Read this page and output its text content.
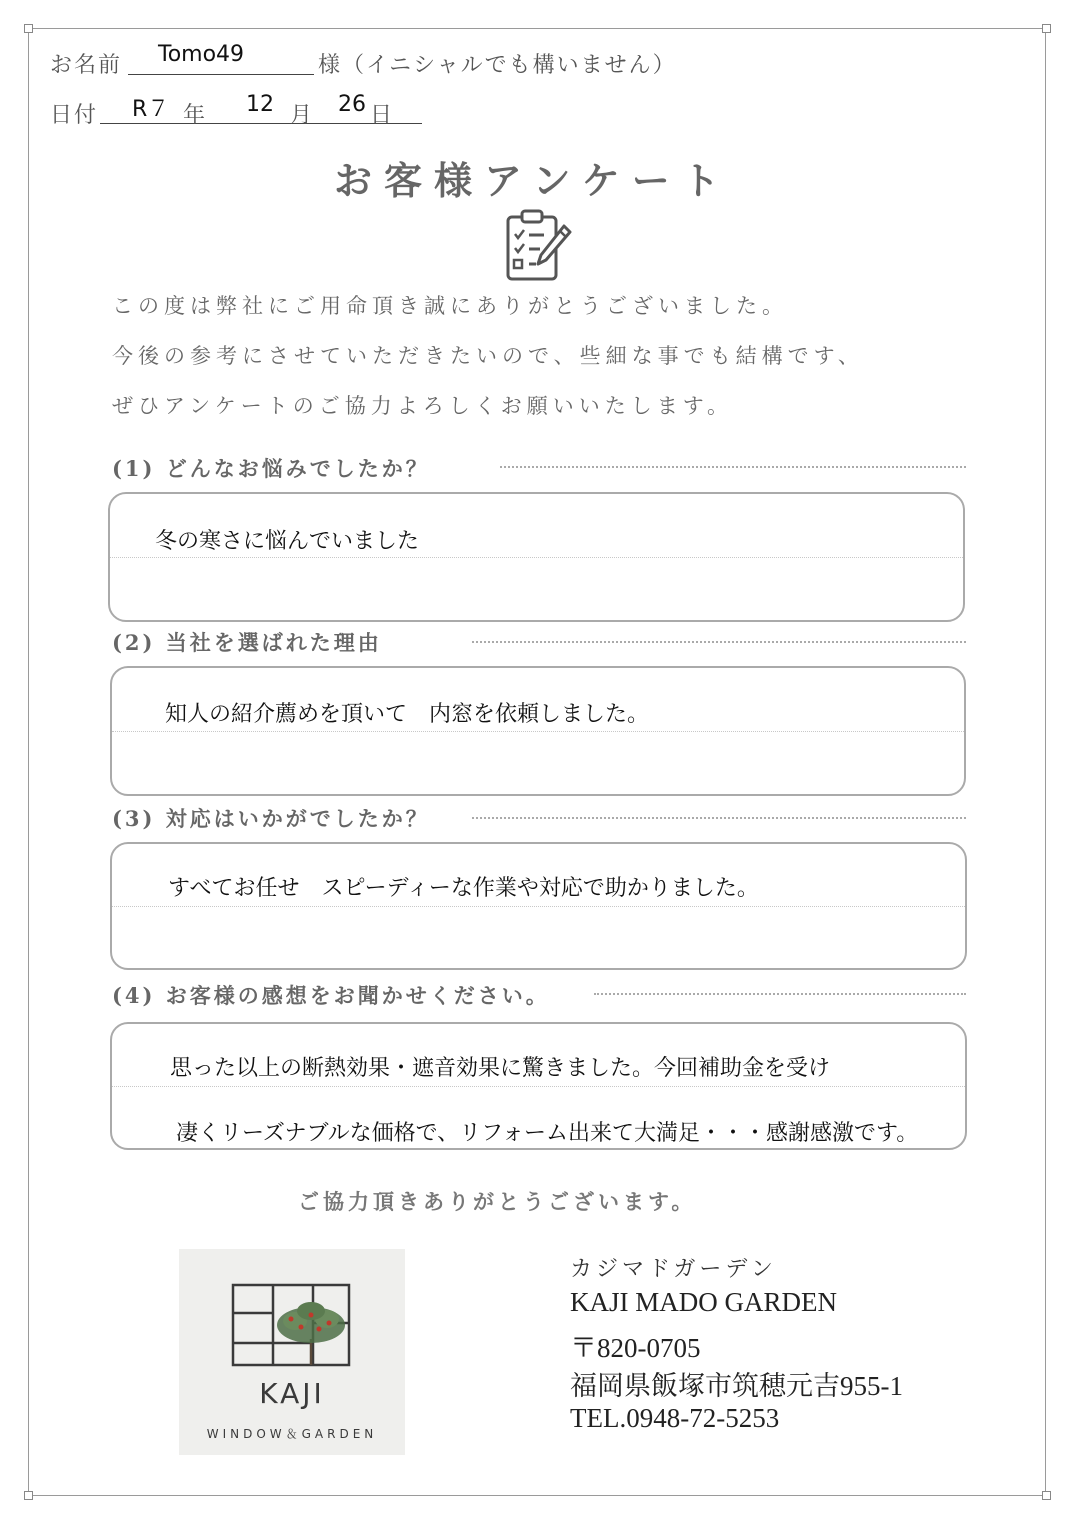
お名前 Tomo49	様（イニシャルでも構いません）
日付 R７ 年 12 月 26 日
お客様アンケート
この度は弊社にご用命頂き誠にありがとうございました。
今後の参考にさせていただきたいので、些細な事でも結構です、
ぜひアンケートのご協力よろしくお願いいたします。
(1) どんなお悩みでしたか？
冬の寒さに悩んでいました
(2) 当社を選ばれた理由
知人の紹介薦めを頂いて　内窓を依頼しました。
(3) 対応はいかがでしたか？
すべてお任せ　スピーディーな作業や対応で助かりました。
(4) お客様の感想をお聞かせください。
思った以上の断熱効果・遮音効果に驚きました。今回補助金を受け
凄くリーズナブルな価格で、リフォーム出来て大満足・・・感謝感激です。
ご協力頂きありがとうございます。
KAJI
WINDOW＆GARDEN
カジマドガーデン
KAJI MADO GARDEN
〒820-0705
福岡県飯塚市筑穂元吉955-1
TEL.0948-72-5253
